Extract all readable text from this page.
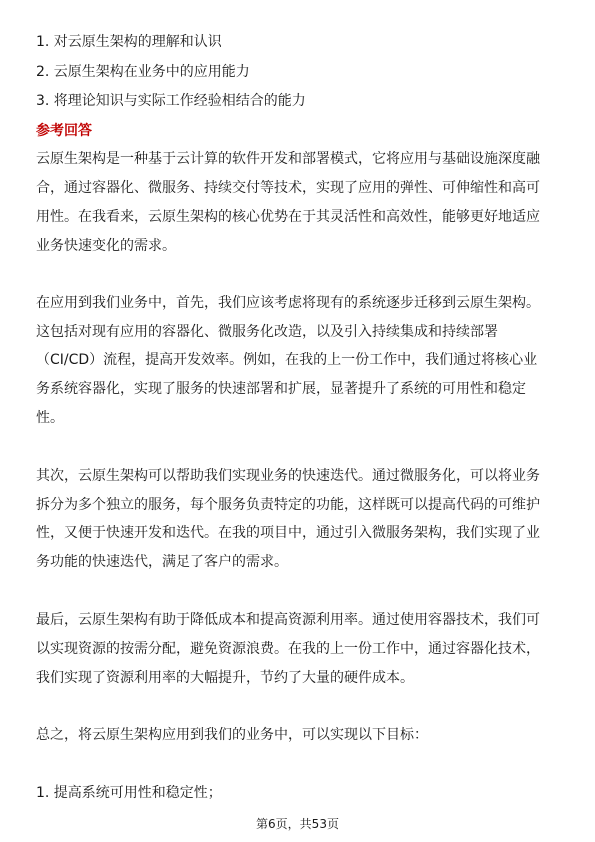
1. 对云原生架构的理解和认识
2. 云原生架构在业务中的应用能力
3. 将理论知识与实际工作经验相结合的能力
参考回答
云原生架构是一种基于云计算的软件开发和部署模式，它将应用与基础设施深度融
合，通过容器化、微服务、持续交付等技术，实现了应用的弹性、可伸缩性和高可
用性。在我看来，云原生架构的核心优势在于其灵活性和高效性，能够更好地适应
业务快速变化的需求。
在应用到我们业务中，首先，我们应该考虑将现有的系统逐步迁移到云原生架构。
这包括对现有应用的容器化、微服务化改造，以及引入持续集成和持续部署
（CI/CD）流程，提高开发效率。例如，在我的上一份工作中，我们通过将核心业
务系统容器化，实现了服务的快速部署和扩展，显著提升了系统的可用性和稳定
性。
其次，云原生架构可以帮助我们实现业务的快速迭代。通过微服务化，可以将业务
拆分为多个独立的服务，每个服务负责特定的功能，这样既可以提高代码的可维护
性，又便于快速开发和迭代。在我的项目中，通过引入微服务架构，我们实现了业
务功能的快速迭代，满足了客户的需求。
最后，云原生架构有助于降低成本和提高资源利用率。通过使用容器技术，我们可
以实现资源的按需分配，避免资源浪费。在我的上一份工作中，通过容器化技术，
我们实现了资源利用率的大幅提升，节约了大量的硬件成本。
总之，将云原生架构应用到我们的业务中，可以实现以下目标：
1. 提高系统可用性和稳定性；
第6页，共53页
